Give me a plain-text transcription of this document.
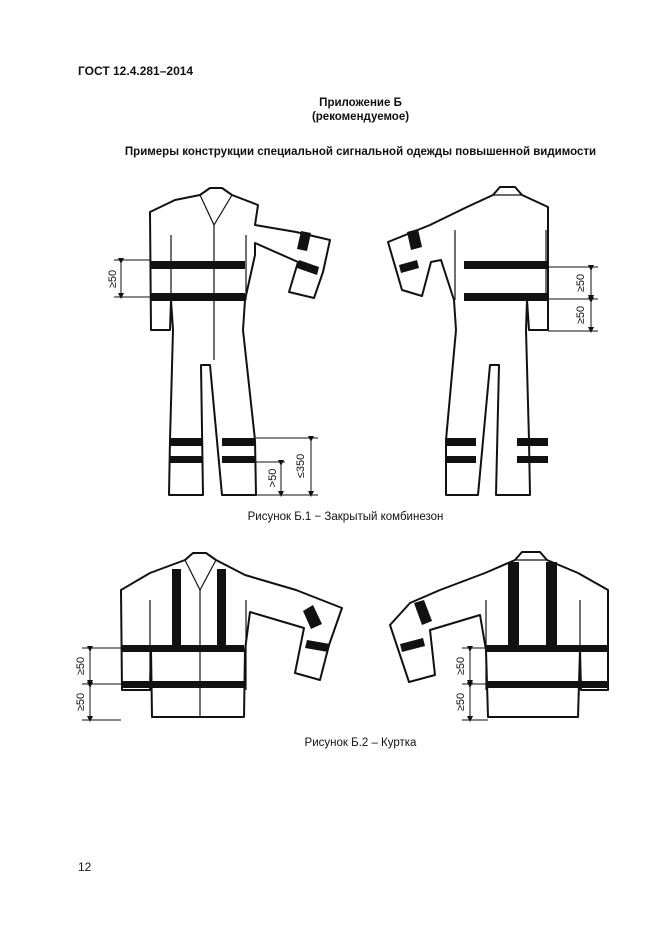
ГОСТ 12.4.281–2014
Приложение Б
(рекомендуемое)
Примеры конструкции специальной сигнальной одежды повышенной видимости
≥50
>50 ≤350
≥50
≥50
≥50
≥50
≥50
≥50
Рисунок Б.1 − Закрытый комбинезон
Рисунок Б.2 – Куртка
12
